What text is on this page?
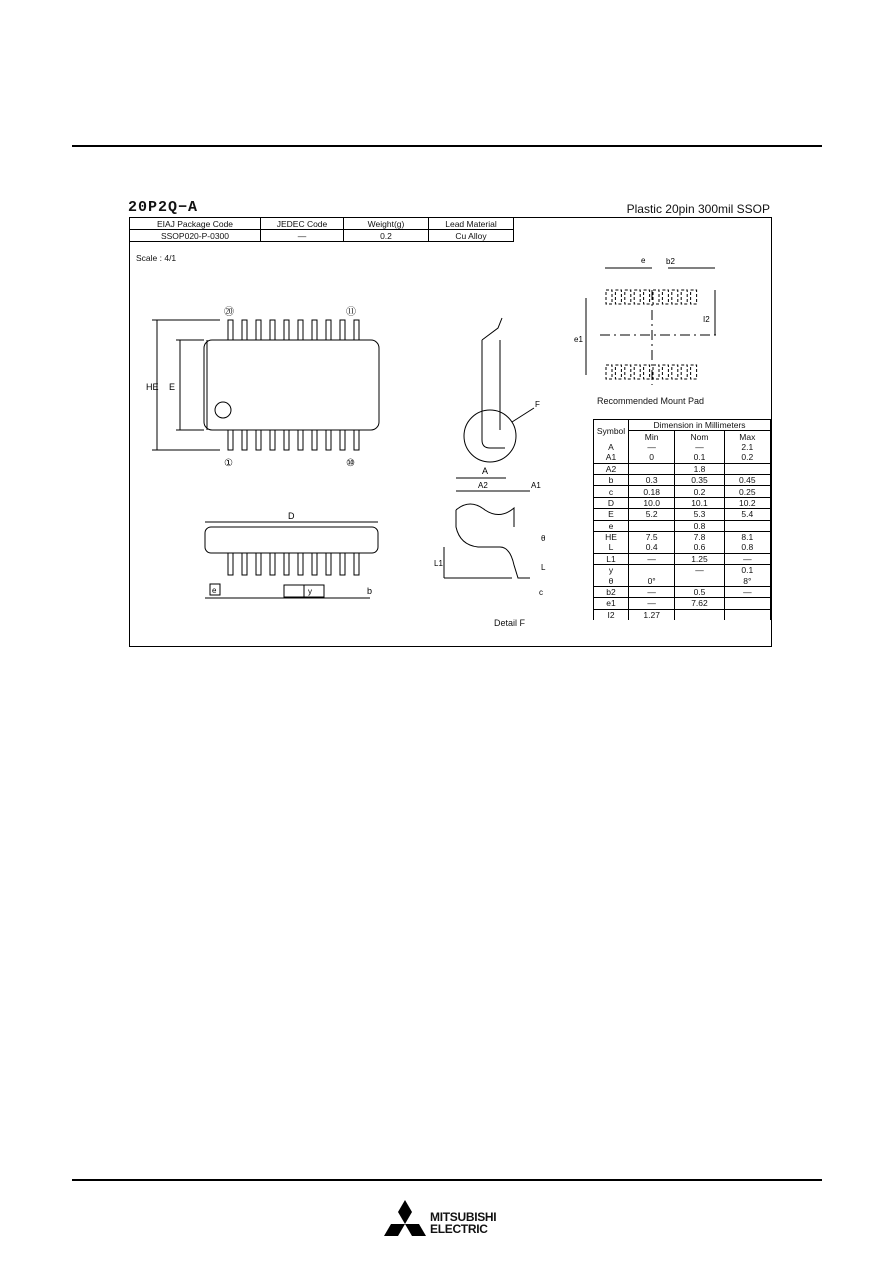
20P2Q−A	Plastic 20pin 300mil SSOP
EIAJ Package Code	JEDEC Code	Weight(g)	Lead Material
SSOP020-P-0300	—	0.2	Cu Alloy
Scale : 4/1
HE E
⑳	⑪
①	⑩
D
y
e	b
F
A
A2	A1
L1	L
c
θ
e	b2
e1
I2
Detail F
Recommended Mount Pad
Symbol	Dimension in Millimeters		
	Min	Nom	Max
A	—	—	2.1
A1	0	0.1	0.2
A2		1.8	
b	0.3	0.35	0.45
c	0.18	0.2	0.25
D	10.0	10.1	10.2
E	5.2	5.3	5.4
e		0.8	
HE	7.5	7.8	8.1
L	0.4	0.6	0.8
L1	—	1.25	—
y		—	0.1
θ	0°		8°
b2	—	0.5	—
e1	—	7.62	
I2	1.27		

MITSUBISHI
ELECTRIC
